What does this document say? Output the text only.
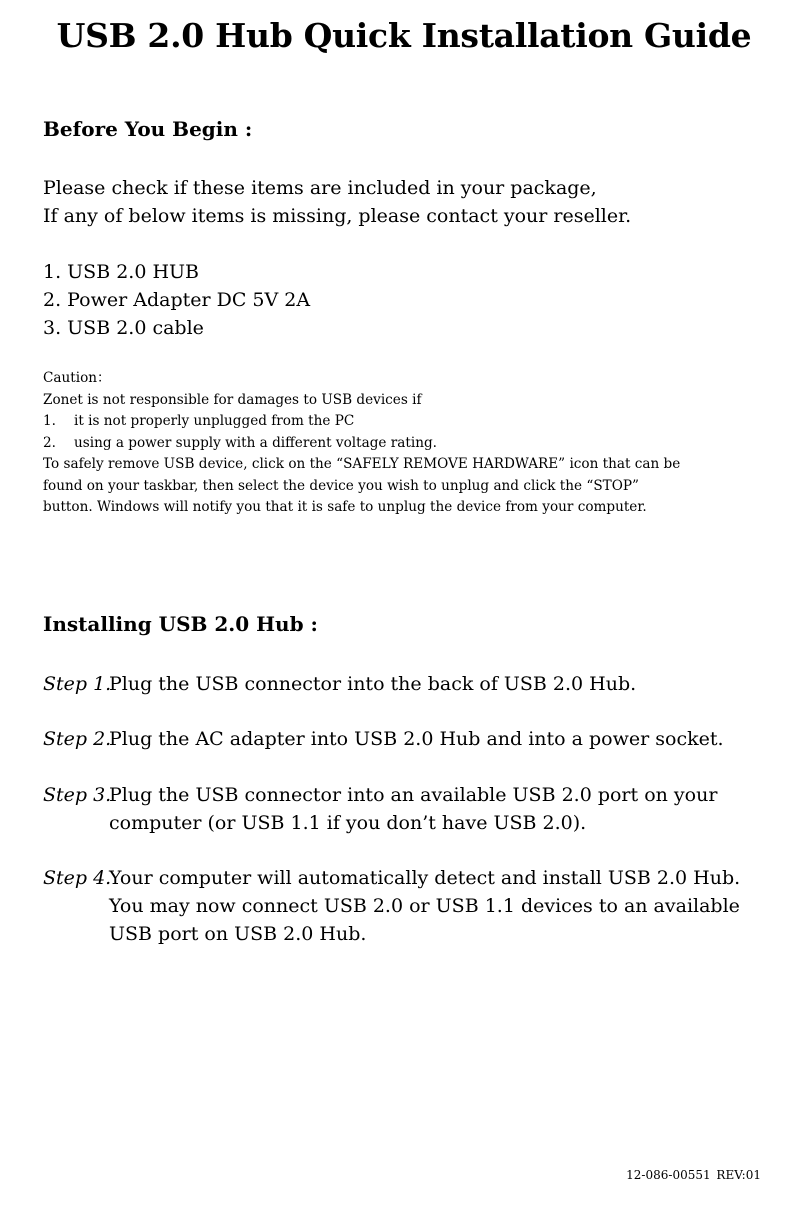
USB 2.0 Hub Quick Installation Guide
Before You Begin :
Please check if these items are included in your package,
If any of below items is missing, please contact your reseller.
1. USB 2.0 HUB
2. Power Adapter DC 5V 2A
3. USB 2.0 cable
Caution：
Zonet is not responsible for damages to USB devices if
1. it is not properly unplugged from the PC
2. using a power supply with a different voltage rating.
To safely remove USB device, click on the “SAFELY REMOVE HARDWARE” icon that can be
found on your taskbar, then select the device you wish to unplug and click the “STOP”
button. Windows will notify you that it is safe to unplug the device from your computer.
Installing USB 2.0 Hub :
Step 1.
Plug the USB connector into the back of USB 2.0 Hub.
Step 2.
Plug the AC adapter into USB 2.0 Hub and into a power socket.
Step 3.
Plug the USB connector into an available USB 2.0 port on your
computer (or USB 1.1 if you don’t have USB 2.0).
Step 4.
Your computer will automatically detect and install USB 2.0 Hub.
You may now connect USB 2.0 or USB 1.1 devices to an available
USB port on USB 2.0 Hub.
12-086-00551 REV:01
